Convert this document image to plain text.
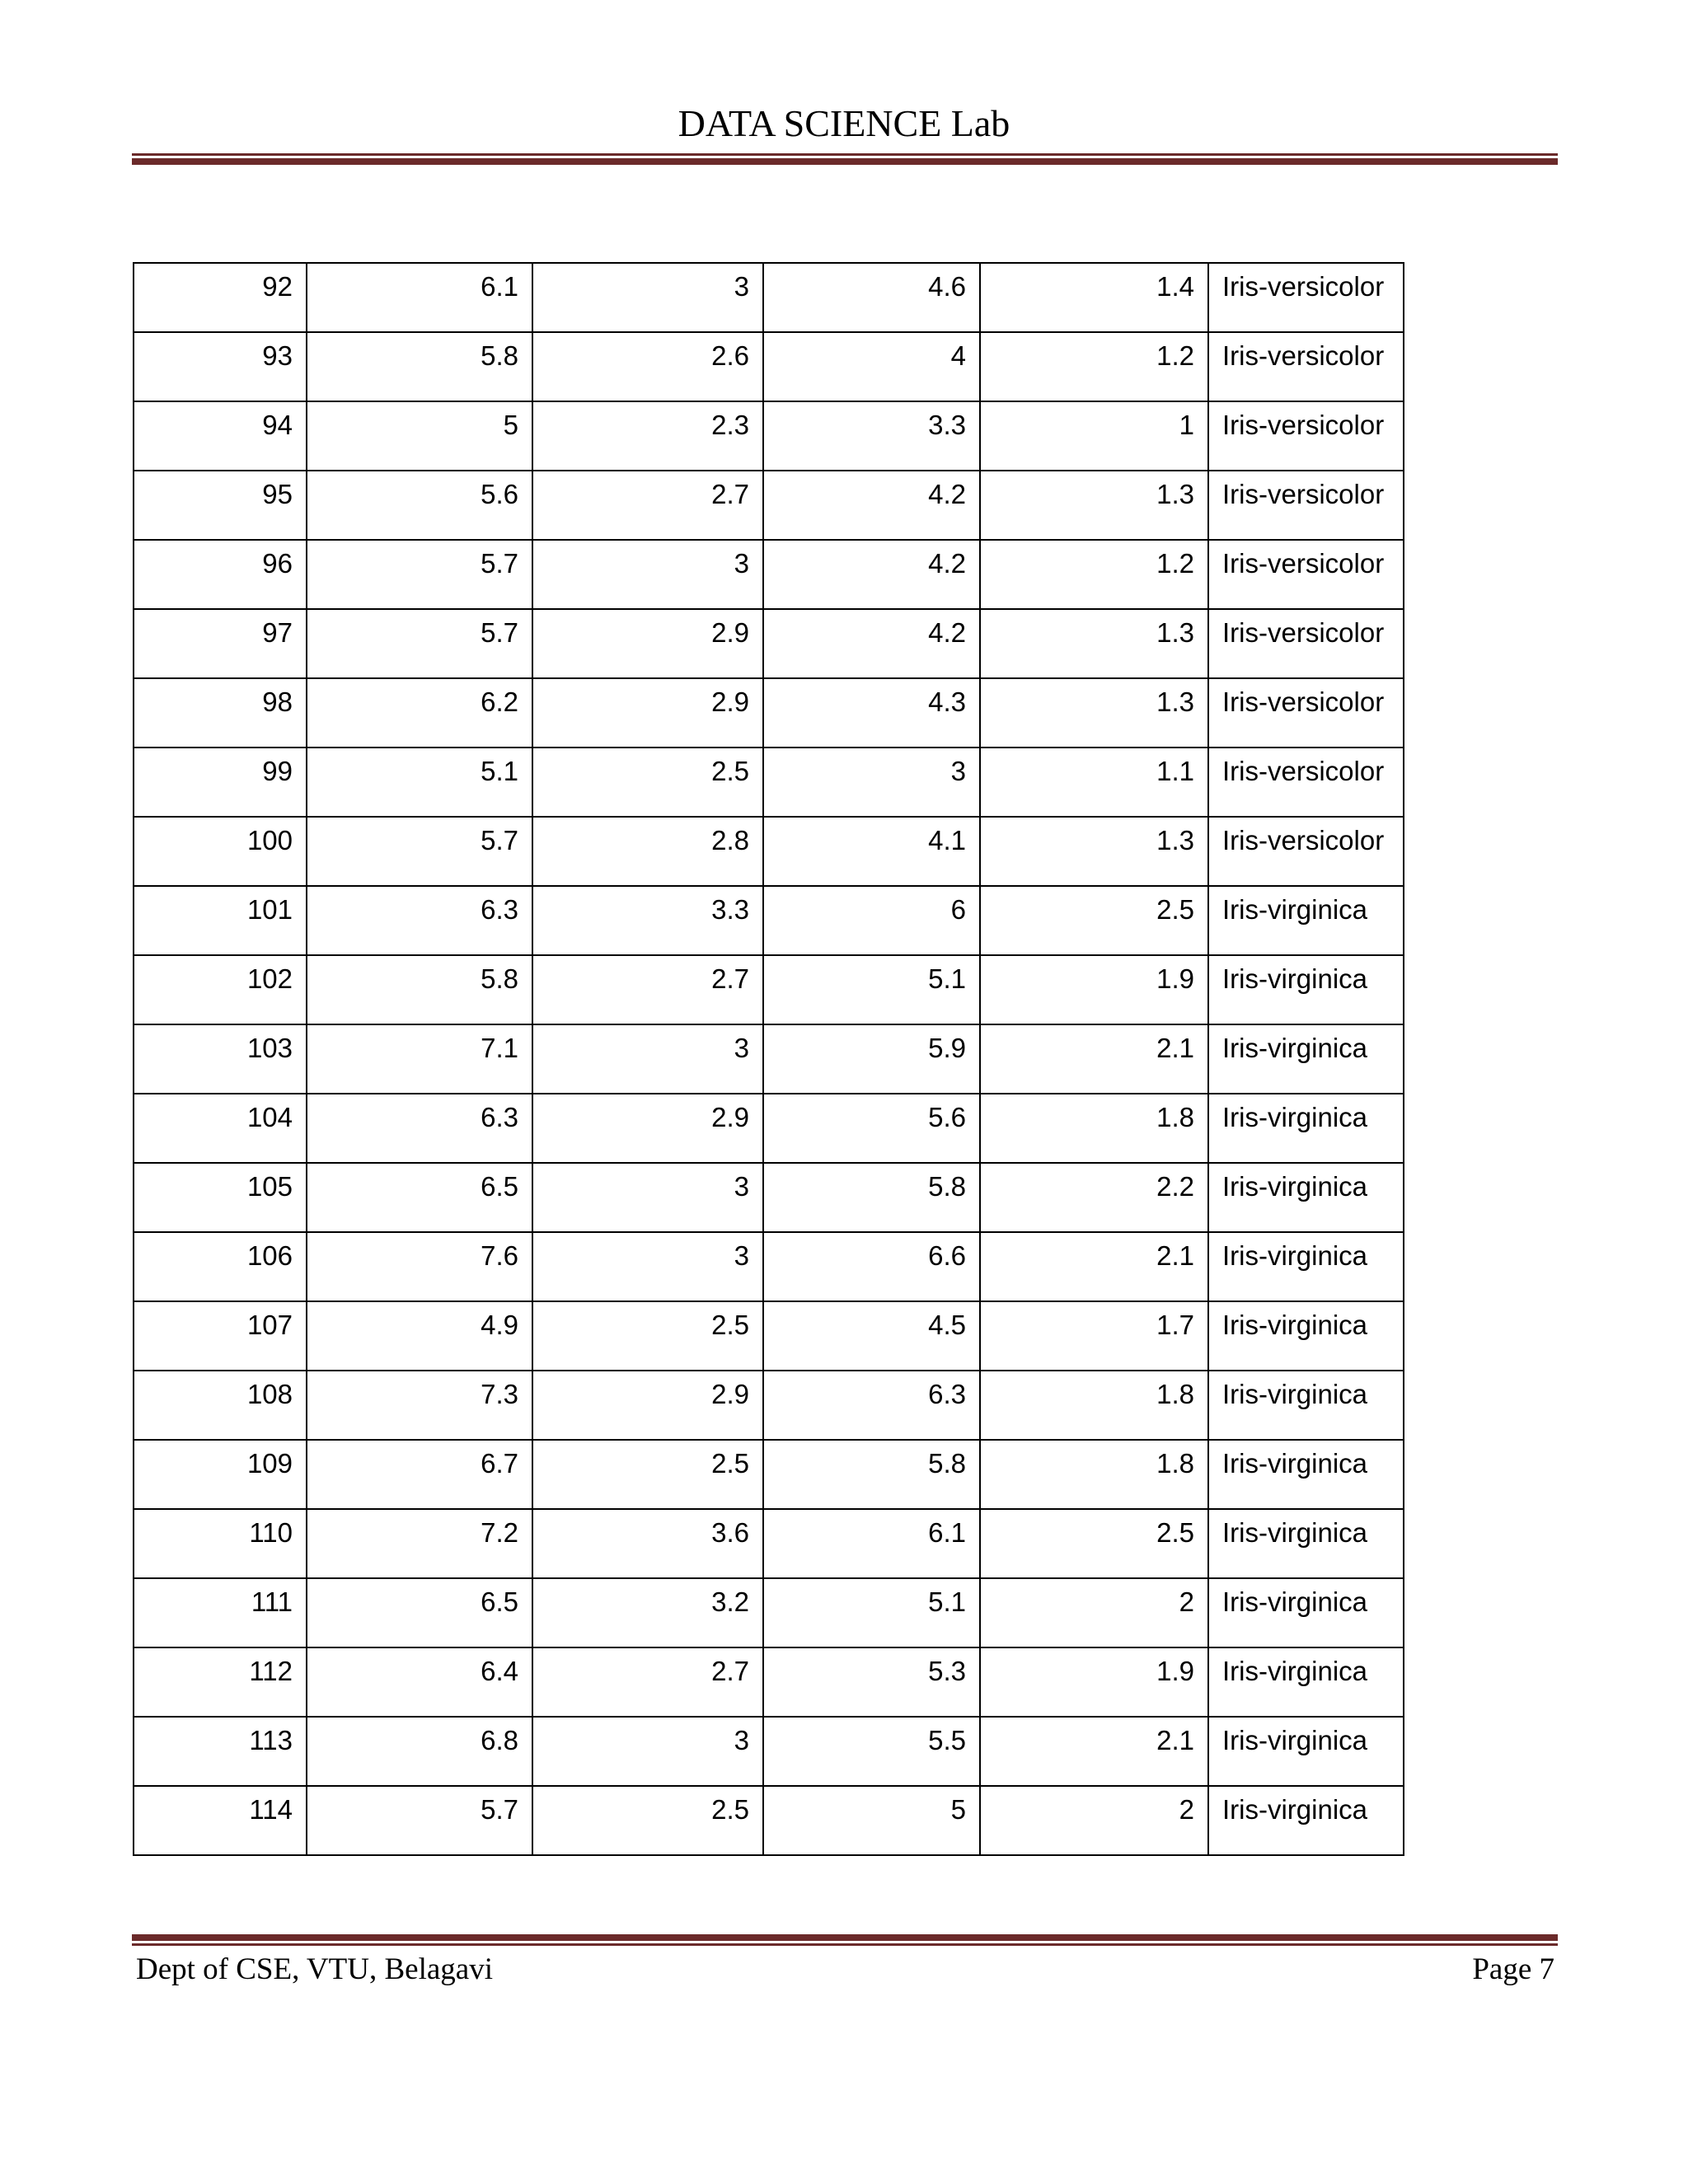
DATA SCIENCE Lab
92	6.1	3	4.6	1.4	Iris-versicolor
93	5.8	2.6	4	1.2	Iris-versicolor
94	5	2.3	3.3	1	Iris-versicolor
95	5.6	2.7	4.2	1.3	Iris-versicolor
96	5.7	3	4.2	1.2	Iris-versicolor
97	5.7	2.9	4.2	1.3	Iris-versicolor
98	6.2	2.9	4.3	1.3	Iris-versicolor
99	5.1	2.5	3	1.1	Iris-versicolor
100	5.7	2.8	4.1	1.3	Iris-versicolor
101	6.3	3.3	6	2.5	Iris-virginica
102	5.8	2.7	5.1	1.9	Iris-virginica
103	7.1	3	5.9	2.1	Iris-virginica
104	6.3	2.9	5.6	1.8	Iris-virginica
105	6.5	3	5.8	2.2	Iris-virginica
106	7.6	3	6.6	2.1	Iris-virginica
107	4.9	2.5	4.5	1.7	Iris-virginica
108	7.3	2.9	6.3	1.8	Iris-virginica
109	6.7	2.5	5.8	1.8	Iris-virginica
110	7.2	3.6	6.1	2.5	Iris-virginica
111	6.5	3.2	5.1	2	Iris-virginica
112	6.4	2.7	5.3	1.9	Iris-virginica
113	6.8	3	5.5	2.1	Iris-virginica
114	5.7	2.5	5	2	Iris-virginica
Dept of CSE, VTU, Belagavi	Page 7
